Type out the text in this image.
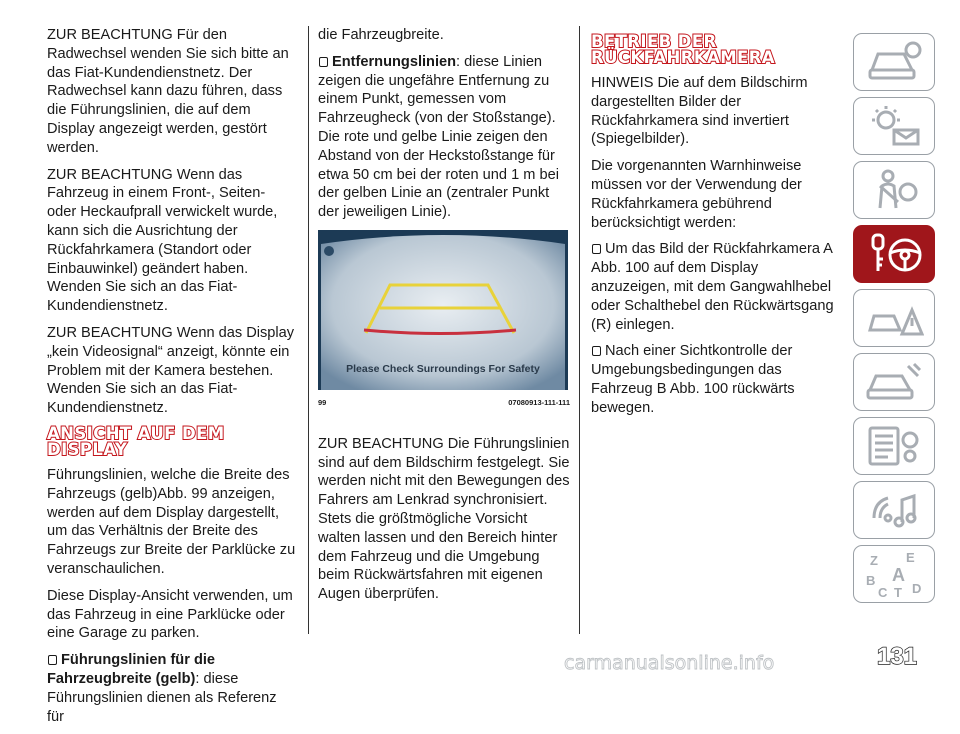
ZUR BEACHTUNG Für den Radwechsel wenden Sie sich bitte an das Fiat-Kundendienstnetz. Der Radwechsel kann dazu führen, dass die Führungslinien, die auf dem Display angezeigt werden, gestört werden.

ZUR BEACHTUNG Wenn das Fahrzeug in einem Front-, Seiten- oder Heckaufprall verwickelt wurde, kann sich die Ausrichtung der Rückfahrkamera (Standort oder Einbauwinkel) geändert haben. Wenden Sie sich an das Fiat-Kundendienstnetz.

ZUR BEACHTUNG Wenn das Display „kein Videosignal“ anzeigt, könnte ein Problem mit der Kamera bestehen. Wenden Sie sich an das Fiat-Kundendienstnetz.

ANSICHT AUF DEM DISPLAY

Führungslinien, welche die Breite des Fahrzeugs (gelb)Abb. 99 anzeigen, werden auf dem Display dargestellt, um das Verhältnis der Breite des Fahrzeugs zur Breite der Parklücke zu veranschaulichen.

Diese Display-Ansicht verwenden, um das Fahrzeug in eine Parklücke oder eine Garage zu parken.

Führungslinien für die Fahrzeugbreite (gelb): diese Führungslinien dienen als Referenz für

die Fahrzeugbreite.

Entfernungslinien: diese Linien zeigen die ungefähre Entfernung zu einem Punkt, gemessen vom Fahrzeugheck (von der Stoßstange). Die rote und gelbe Linie zeigen den Abstand von der Heckstoßstange für etwa 50 cm bei der roten und 1 m bei der gelben Linie an (zentraler Punkt der jeweiligen Linie).

Please Check Surroundings For Safety
99	07080913-111-111

ZUR BEACHTUNG Die Führungslinien sind auf dem Bildschirm festgelegt. Sie werden nicht mit den Bewegungen des Fahrers am Lenkrad synchronisiert. Stets die größtmögliche Vorsicht walten lassen und den Bereich hinter dem Fahrzeug und die Umgebung beim Rückwärtsfahren mit eigenen Augen überprüfen.

BETRIEB DER RÜCKFAHRKAMERA

HINWEIS Die auf dem Bildschirm dargestellten Bilder der Rückfahrkamera sind invertiert (Spiegelbilder).

Die vorgenannten Warnhinweise müssen vor der Verwendung der Rückfahrkamera gebührend berücksichtigt werden:

Um das Bild der Rückfahrkamera A Abb. 100 auf dem Display anzuzeigen, mit dem Gangwahlhebel oder Schalthebel den Rückwärtsgang (R) einlegen.

Nach einer Sichtkontrolle der Umgebungsbedingungen das Fahrzeug B Abb. 100 rückwärts bewegen.

Z E
B A
C T D
131
carmanualsonline.info
